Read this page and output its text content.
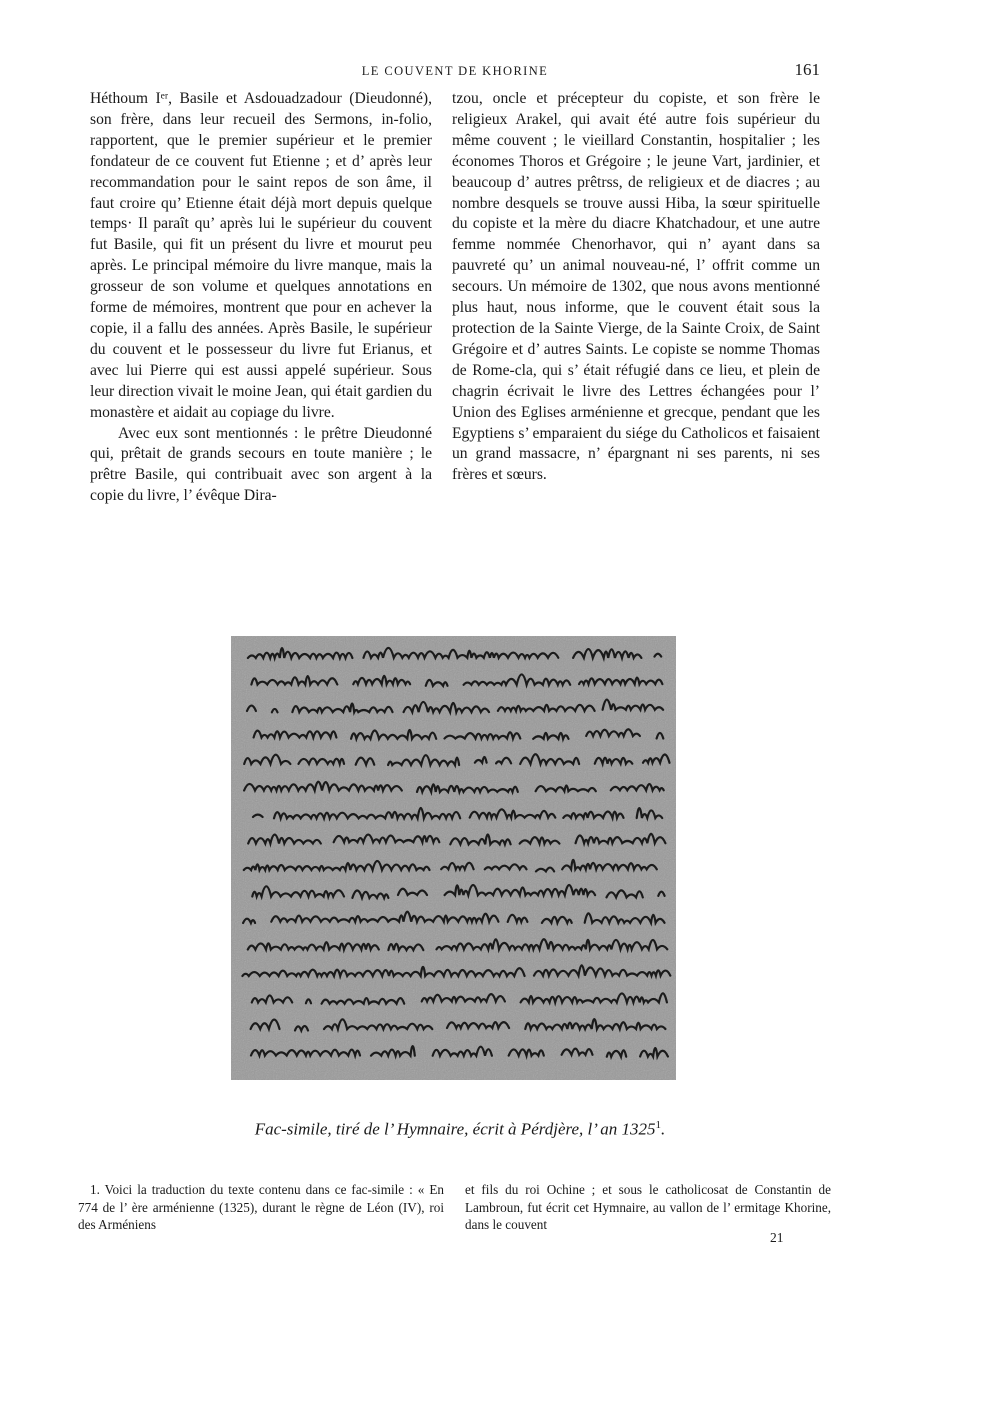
LE COUVENT DE KHORINE	161

Héthoum Iᵉʳ, Basile et Asdouadzadour (Dieudonné), son frère, dans leur recueil des Sermons, in-folio, rapportent, que le premier supérieur et le premier fondateur de ce couvent fut Etienne ; et d’ après leur recommandation pour le saint repos de son âme, il faut croire qu’ Etienne était déjà mort depuis quelque temps· Il paraît qu’ après lui le supérieur du couvent fut Basile, qui fit un présent du livre et mourut peu après. Le principal mémoire du livre manque, mais la grosseur de son volume et quelques annotations en forme de mémoires, montrent que pour en achever la copie, il a fallu des années. Après Basile, le supérieur du couvent et le possesseur du livre fut Erianus, et avec lui Pierre qui est aussi appelé supérieur. Sous leur direction vivait le moine Jean, qui était gardien du monastère et aidait au copiage du livre.

Avec eux sont mentionnés : le prêtre Dieudonné qui, prêtait de grands secours en toute manière ; le prêtre Basile, qui contribuait avec son argent à la copie du livre, l’ évêque Dira-

tzou, oncle et précepteur du copiste, et son frère le religieux Arakel, qui avait été autre fois supérieur du même couvent ; le vieillard Constantin, hospitalier ; les économes Thoros et Grégoire ; le jeune Vart, jardinier, et beaucoup d’ autres prêtrss, de religieux et de diacres ; au nombre desquels se trouve aussi Hiba, la sœur spirituelle du copiste et la mère du diacre Khatchadour, et une autre femme nommée Chenorhavor, qui n’ ayant dans sa pauvreté qu’ un animal nouveau-né, l’ offrit comme un secours. Un mémoire de 1302, que nous avons mentionné plus haut, nous informe, que le couvent était sous la protection de la Sainte Vierge, de la Sainte Croix, de Saint Grégoire et d’ autres Saints. Le copiste se nomme Thomas de Rome-cla, qui s’ était réfugié dans ce lieu, et plein de chagrin écrivait le livre des Lettres échangées pour l’ Union des Eglises arménienne et grecque, pendant que les Egyptiens s’ emparaient du siége du Catholicos et faisaient un grand massacre, n’ épargnant ni ses parents, ni ses frères et sœurs.

Fac-simile, tiré de l’ Hymnaire, écrit à Pérdjère, l’ an 1325$^1$.

1. Voici la traduction du texte contenu dans ce fac-simile : « En 774 de l’ ère arménienne (1325), durant le règne de Léon (IV), roi des Arméniens

et fils du roi Ochine ; et sous le catholicosat de Constantin de Lambroun, fut écrit cet Hymnaire, au vallon de l’ ermitage Khorine, dans le couvent

21
